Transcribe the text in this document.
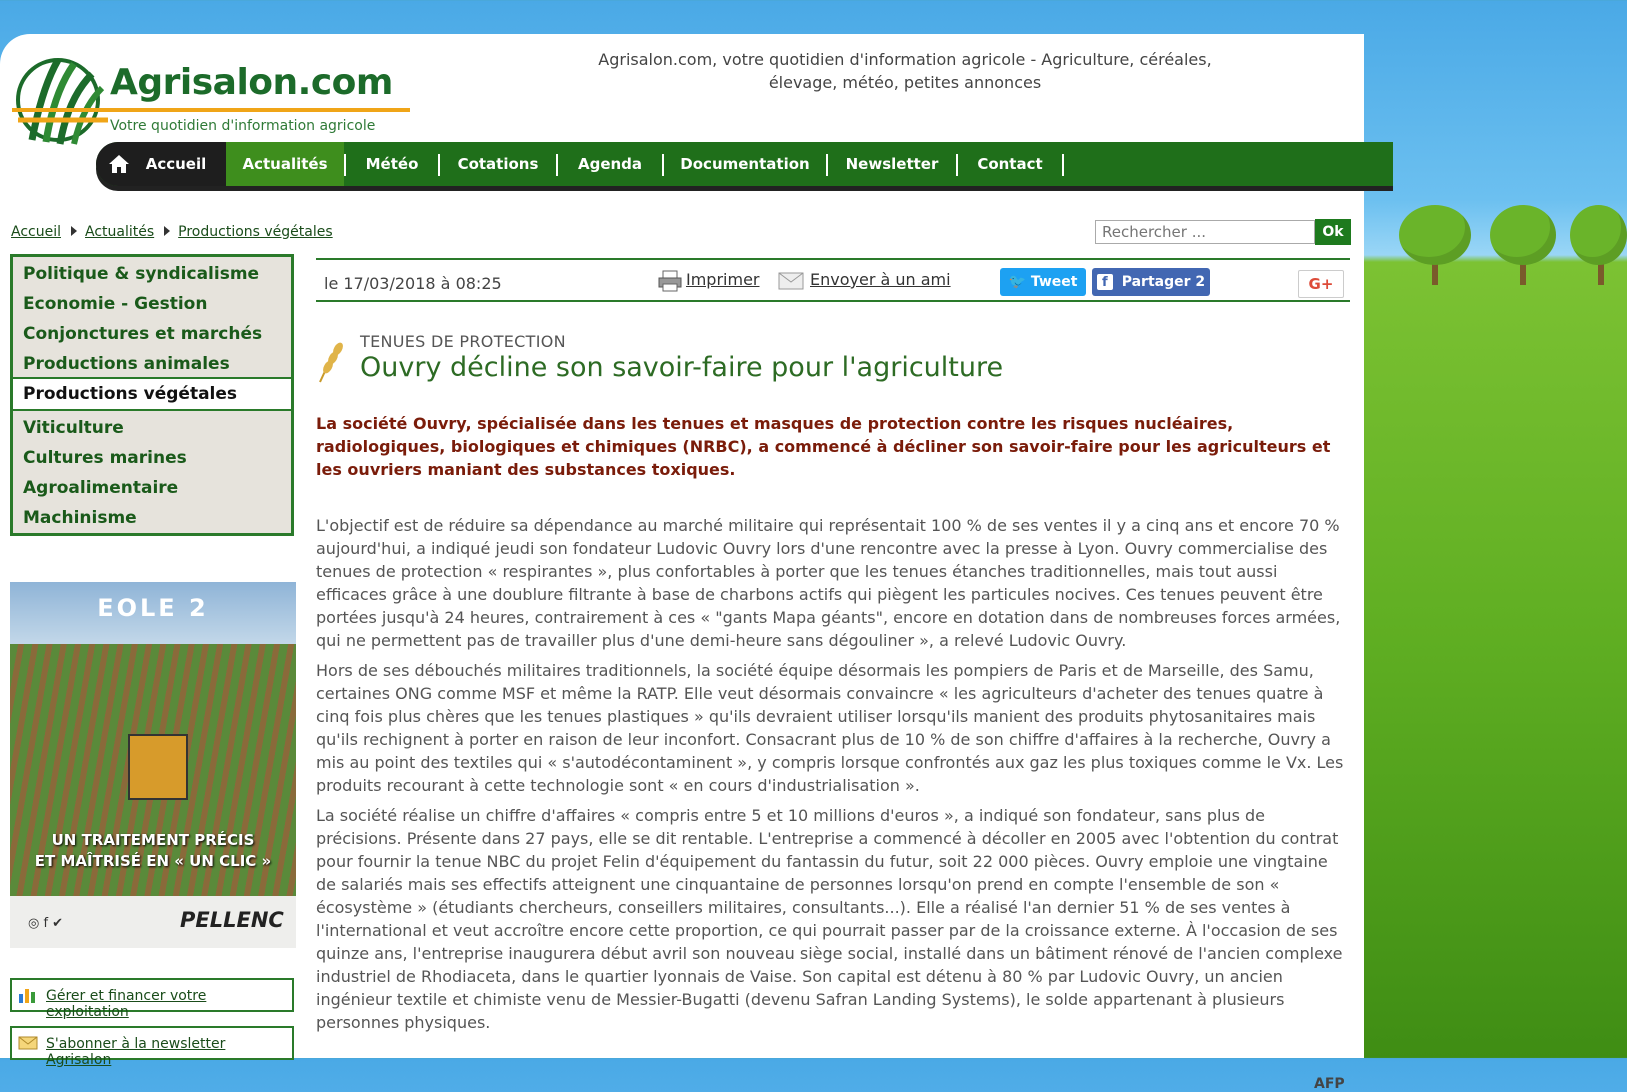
Agrisalon.com
Votre quotidien d'information agricole
Agrisalon.com, votre quotidien d'information agricole - Agriculture, céréales, élevage, météo, petites annonces
Accueil	Actualités	Météo	Cotations	Agenda	Documentation	Newsletter	Contact
Accueil Actualités Productions végétales
Rechercher ...	Ok
Politique & syndicalisme
Economie - Gestion
Conjonctures et marchés
Productions animales
Productions végétales
Viticulture
Cultures marines
Agroalimentaire
Machinisme
EOLE 2
UN TRAITEMENT PRÉCIS
ET MAÎTRISÉ EN « UN CLIC »
◎ f ✔	PELLENC
Gérer et financer votre exploitation
S'abonner à la newsletter Agrisalon
le 17/03/2018 à 08:25	Imprimer	Envoyer à un ami	🐦 Tweet	f Partager 2	G+
TENUES DE PROTECTION
Ouvry décline son savoir-faire pour l'agriculture
La société Ouvry, spécialisée dans les tenues et masques de protection contre les risques nucléaires, radiologiques, biologiques et chimiques (NRBC), a commencé à décliner son savoir-faire pour les agriculteurs et les ouvriers maniant des substances toxiques.
L'objectif est de réduire sa dépendance au marché militaire qui représentait 100 % de ses ventes il y a cinq ans et encore 70 % aujourd'hui, a indiqué jeudi son fondateur Ludovic Ouvry lors d'une rencontre avec la presse à Lyon. Ouvry commercialise des tenues de protection « respirantes », plus confortables à porter que les tenues étanches traditionnelles, mais tout aussi efficaces grâce à une doublure filtrante à base de charbons actifs qui piègent les particules nocives. Ces tenues peuvent être portées jusqu'à 24 heures, contrairement à ces « "gants Mapa géants", encore en dotation dans de nombreuses forces armées, qui ne permettent pas de travailler plus d'une demi-heure sans dégouliner », a relevé Ludovic Ouvry.
Hors de ses débouchés militaires traditionnels, la société équipe désormais les pompiers de Paris et de Marseille, des Samu, certaines ONG comme MSF et même la RATP. Elle veut désormais convaincre « les agriculteurs d'acheter des tenues quatre à cinq fois plus chères que les tenues plastiques » qu'ils devraient utiliser lorsqu'ils manient des produits phytosanitaires mais qu'ils rechignent à porter en raison de leur inconfort. Consacrant plus de 10 % de son chiffre d'affaires à la recherche, Ouvry a mis au point des textiles qui « s'autodécontaminent », y compris lorsque confrontés aux gaz les plus toxiques comme le Vx. Les produits recourant à cette technologie sont « en cours d'industrialisation ».
La société réalise un chiffre d'affaires « compris entre 5 et 10 millions d'euros », a indiqué son fondateur, sans plus de précisions. Présente dans 27 pays, elle se dit rentable. L'entreprise a commencé à décoller en 2005 avec l'obtention du contrat pour fournir la tenue NBC du projet Felin d'équipement du fantassin du futur, soit 22 000 pièces. Ouvry emploie une vingtaine de salariés mais ses effectifs atteignent une cinquantaine de personnes lorsqu'on prend en compte l'ensemble de son « écosystème » (étudiants chercheurs, conseillers militaires, consultants...). Elle a réalisé l'an dernier 51 % de ses ventes à l'international et veut accroître encore cette proportion, ce qui pourrait passer par de la croissance externe. À l'occasion de ses quinze ans, l'entreprise inaugurera début avril son nouveau siège social, installé dans un bâtiment rénové de l'ancien complexe industriel de Rhodiaceta, dans le quartier lyonnais de Vaise. Son capital est détenu à 80 % par Ludovic Ouvry, un ancien ingénieur textile et chimiste venu de Messier-Bugatti (devenu Safran Landing Systems), le solde appartenant à plusieurs personnes physiques.
AFP
